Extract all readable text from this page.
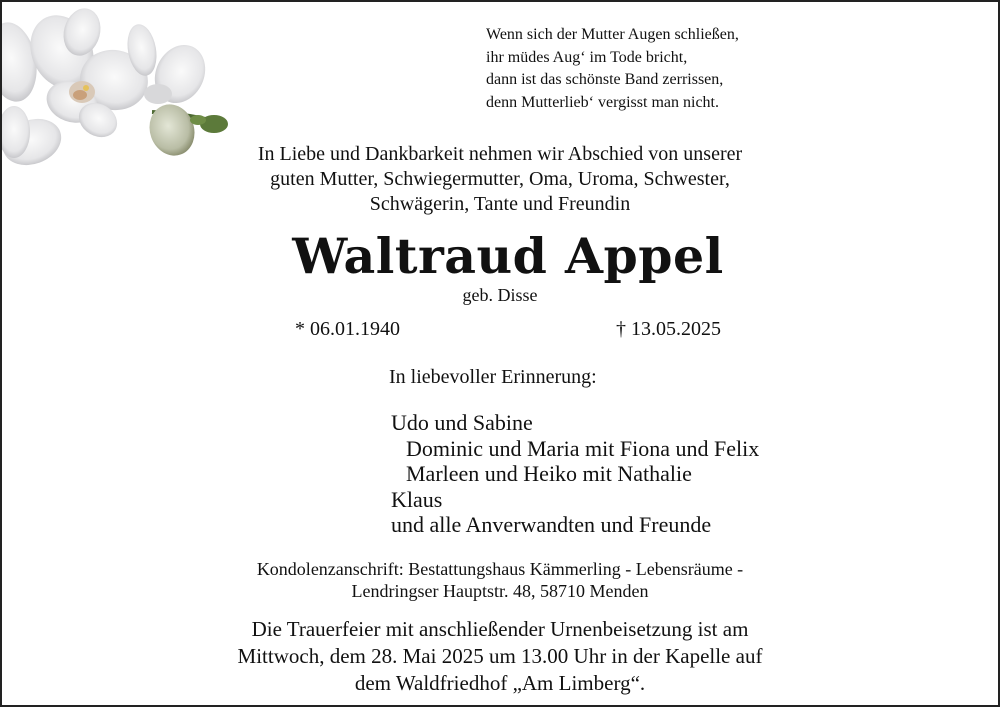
Wenn sich der Mutter Augen schließen,
ihr müdes Aug‘ im Tode bricht,
dann ist das schönste Band zerrissen,
denn Mutterlieb‘ vergisst man nicht.
In Liebe und Dankbarkeit nehmen wir Abschied von unserer
guten Mutter, Schwiegermutter, Oma, Uroma, Schwester,
Schwägerin, Tante und Freundin
Waltraud Appel
geb. Disse
* 06.01.1940	† 13.05.2025
In liebevoller Erinnerung:
Udo und Sabine
Dominic und Maria mit Fiona und Felix
Marleen und Heiko mit Nathalie
Klaus
und alle Anverwandten und Freunde
Kondolenzanschrift: Bestattungshaus Kämmerling - Lebensräume -
Lendringser Hauptstr. 48, 58710 Menden
Die Trauerfeier mit anschließender Urnenbeisetzung ist am
Mittwoch, dem 28. Mai 2025 um 13.00 Uhr in der Kapelle auf
dem Waldfriedhof „Am Limberg“.
